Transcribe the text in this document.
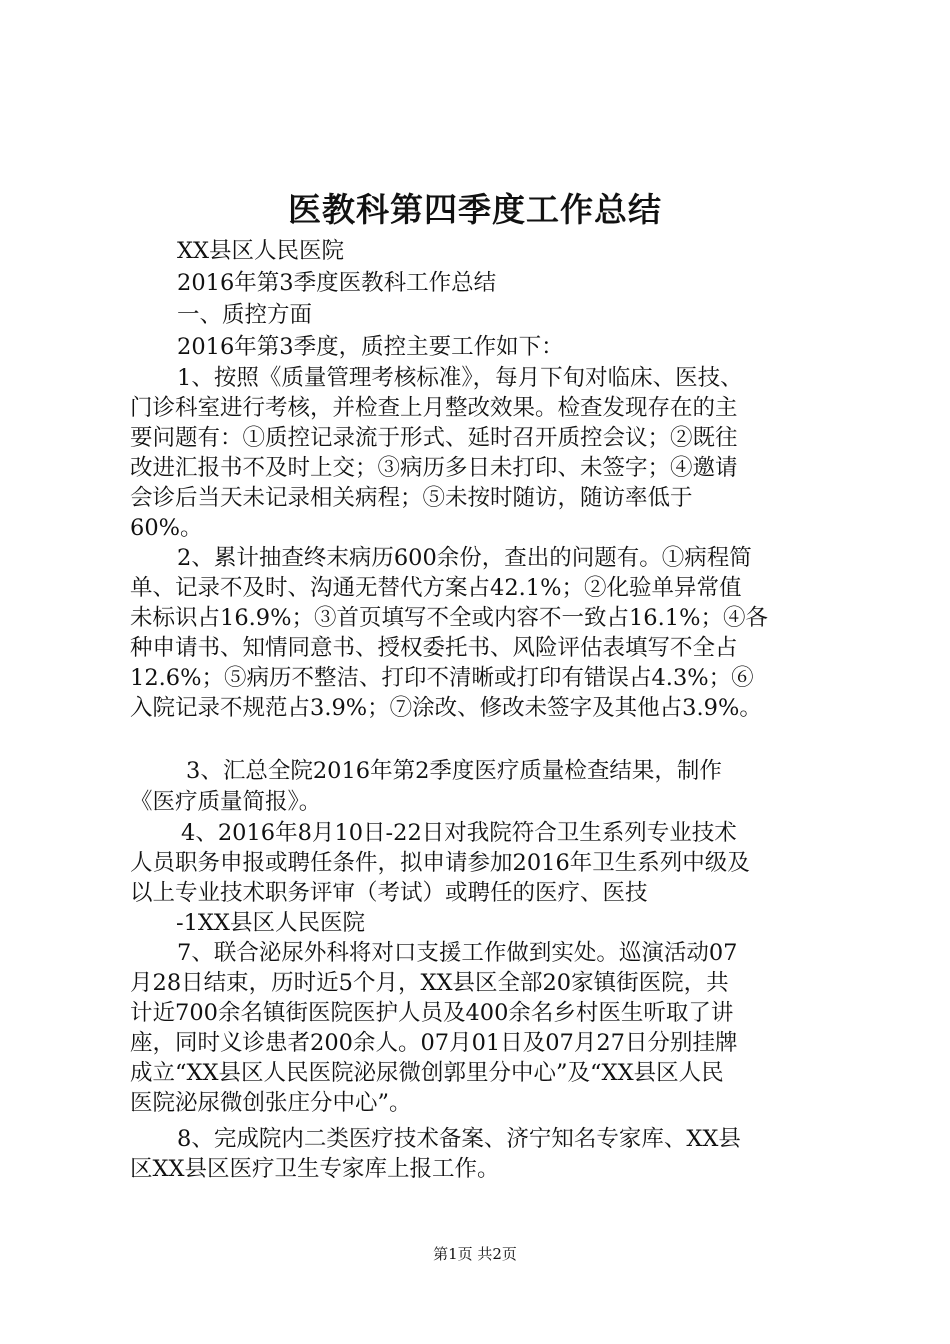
医教科第四季度工作总结
XX县区人民医院
2016年第3季度医教科工作总结
一、质控方面
2016年第3季度，质控主要工作如下：
1、按照《质量管理考核标准》，每月下旬对临床、医技、
门诊科室进行考核，并检查上月整改效果。检查发现存在的主
要问题有：①质控记录流于形式、延时召开质控会议；②既往
改进汇报书不及时上交；③病历多日未打印、未签字；④邀请
会诊后当天未记录相关病程；⑤未按时随访，随访率低于
60%。
2、累计抽查终末病历600余份，查出的问题有。①病程简
单、记录不及时、沟通无替代方案占42.1%；②化验单异常值
未标识占16.9%；③首页填写不全或内容不一致占16.1%；④各
种申请书、知情同意书、授权委托书、风险评估表填写不全占
12.6%；⑤病历不整洁、打印不清晰或打印有错误占4.3%；⑥
入院记录不规范占3.9%；⑦涂改、修改未签字及其他占3.9%。
3、汇总全院2016年第2季度医疗质量检查结果，制作
《医疗质量简报》。
4、2016年8月10日-22日对我院符合卫生系列专业技术
人员职务申报或聘任条件，拟申请参加2016年卫生系列中级及
以上专业技术职务评审（考试）或聘任的医疗、医技
-1XX县区人民医院
7、联合泌尿外科将对口支援工作做到实处。巡演活动07
月28日结束，历时近5个月，XX县区全部20家镇街医院，共
计近700余名镇街医院医护人员及400余名乡村医生听取了讲
座，同时义诊患者200余人。07月01日及07月27日分别挂牌
成立“XX县区人民医院泌尿微创郭里分中心”及“XX县区人民
医院泌尿微创张庄分中心”。
8、完成院内二类医疗技术备案、济宁知名专家库、XX县
区XX县区医疗卫生专家库上报工作。
第1页 共2页
